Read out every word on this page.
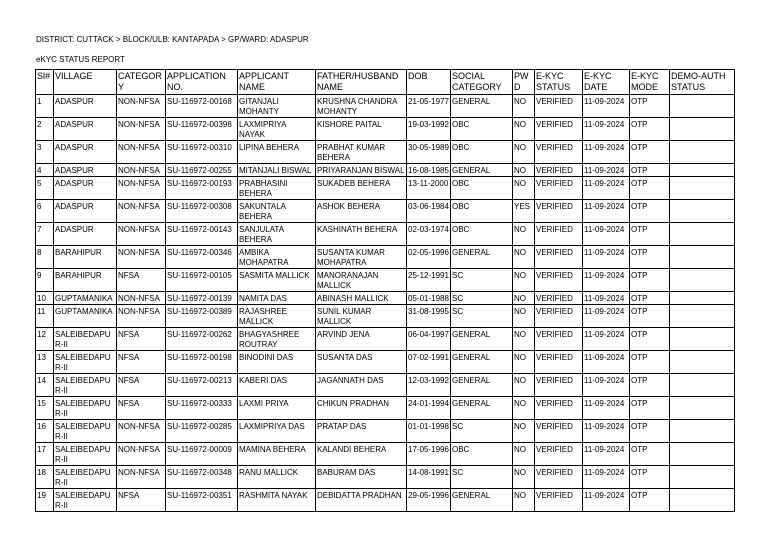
DISTRICT: CUTTACK > BLOCK/ULB: KANTAPADA > GP/WARD: ADASPUR
eKYC STATUS REPORT
Sl#	VILLAGE	CATEGORY	APPLICATION NO.	APPLICANT NAME	FATHER/HUSBAND NAME	DOB	SOCIAL CATEGORY	PWD	E-KYC STATUS	E-KYC DATE	E-KYC MODE	DEMO-AUTH STATUS
1	ADASPUR	NON-NFSA	SU-116972-00168	GITANJALI MOHANTY	KRUSHNA CHANDRA MOHANTY	21-05-1977	GENERAL	NO	VERIFIED	11-09-2024	OTP	
2	ADASPUR	NON-NFSA	SU-116972-00398	LAXMIPRIYA NAYAK	KISHORE PAITAL	19-03-1992	OBC	NO	VERIFIED	11-09-2024	OTP	
3	ADASPUR	NON-NFSA	SU-116972-00310	LIPINA BEHERA	PRABHAT KUMAR BEHERA	30-05-1989	OBC	NO	VERIFIED	11-09-2024	OTP	
4	ADASPUR	NON-NFSA	SU-116972-00255	MITANJALI BISWAL	PRIYARANJAN BISWAL	16-08-1985	GENERAL	NO	VERIFIED	11-09-2024	OTP	
5	ADASPUR	NON-NFSA	SU-116972-00193	PRABHASINI BEHERA	SUKADEB BEHERA	13-11-2000	OBC	NO	VERIFIED	11-09-2024	OTP	
6	ADASPUR	NON-NFSA	SU-116972-00308	SAKUNTALA BEHERA	ASHOK BEHERA	03-06-1984	OBC	YES	VERIFIED	11-09-2024	OTP	
7	ADASPUR	NON-NFSA	SU-116972-00143	SANJULATA BEHERA	KASHINATH BEHERA	02-03-1974	OBC	NO	VERIFIED	11-09-2024	OTP	
8	BARAHIPUR	NON-NFSA	SU-116972-00346	AMBIKA MOHAPATRA	SUSANTA KUMAR MOHAPATRA	02-05-1996	GENERAL	NO	VERIFIED	11-09-2024	OTP	
9	BARAHIPUR	NFSA	SU-116972-00105	SASMITA MALLICK	MANORANAJAN MALLICK	25-12-1991	SC	NO	VERIFIED	11-09-2024	OTP	
10	GUPTAMANIKA	NON-NFSA	SU-116972-00139	NAMITA DAS	ABINASH MALLICK	05-01-1988	SC	NO	VERIFIED	11-09-2024	OTP	
11	GUPTAMANIKA	NON-NFSA	SU-116972-00389	RAJASHREE MALLICK	SUNIL KUMAR MALLICK	31-08-1995	SC	NO	VERIFIED	11-09-2024	OTP	
12	SALEIBEDAPUR-II	NFSA	SU-116972-00262	BHAGYASHREE ROUTRAY	ARVIND JENA	06-04-1997	GENERAL	NO	VERIFIED	11-09-2024	OTP	
13	SALEIBEDAPUR-II	NFSA	SU-116972-00198	BINODINI DAS	SUSANTA DAS	07-02-1991	GENERAL	NO	VERIFIED	11-09-2024	OTP	
14	SALEIBEDAPUR-II	NFSA	SU-116972-00213	KABERI DAS	JAGANNATH DAS	12-03-1992	GENERAL	NO	VERIFIED	11-09-2024	OTP	
15	SALEIBEDAPUR-II	NFSA	SU-116972-00333	LAXMI PRIYA	CHIKUN PRADHAN	24-01-1994	GENERAL	NO	VERIFIED	11-09-2024	OTP	
16	SALEIBEDAPUR-II	NON-NFSA	SU-116972-00285	LAXMIPRIYA DAS	PRATAP DAS	01-01-1998	SC	NO	VERIFIED	11-09-2024	OTP	
17	SALEIBEDAPUR-II	NON-NFSA	SU-116972-00009	MAMINA BEHERA	KALANDI BEHERA	17-05-1996	OBC	NO	VERIFIED	11-09-2024	OTP	
18	SALEIBEDAPUR-II	NON-NFSA	SU-116972-00348	RANU MALLICK	BABURAM DAS	14-08-1991	SC	NO	VERIFIED	11-09-2024	OTP	
19	SALEIBEDAPUR-II	NFSA	SU-116972-00351	RASHMITA NAYAK	DEBIDATTA PRADHAN	29-05-1996	GENERAL	NO	VERIFIED	11-09-2024	OTP	
